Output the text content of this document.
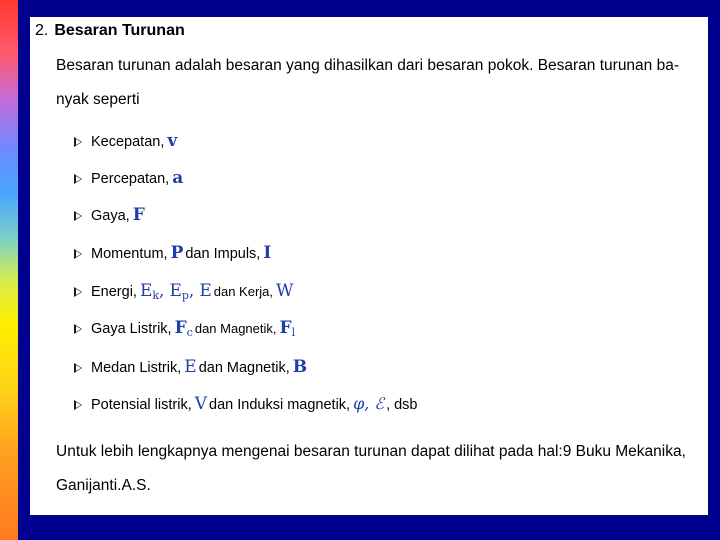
2. Besaran Turunan
Besaran turunan adalah besaran yang dihasilkan dari besaran pokok. Besaran turunan ba-
nyak seperti
Kecepatan, v
Percepatan, a
Gaya, F
Momentum, P dan Impuls, I
Energi, Ek, Ep, E dan Kerja, W
Gaya Listrik, Fc dan Magnetik, Fl
Medan Listrik, E dan Magnetik, B
Potensial listrik, V dan Induksi magnetik, φ, ℰ , dsb
Untuk lebih lengkapnya mengenai besaran turunan dapat dilihat pada hal:9 Buku Mekanika,
Ganijanti.A.S.
